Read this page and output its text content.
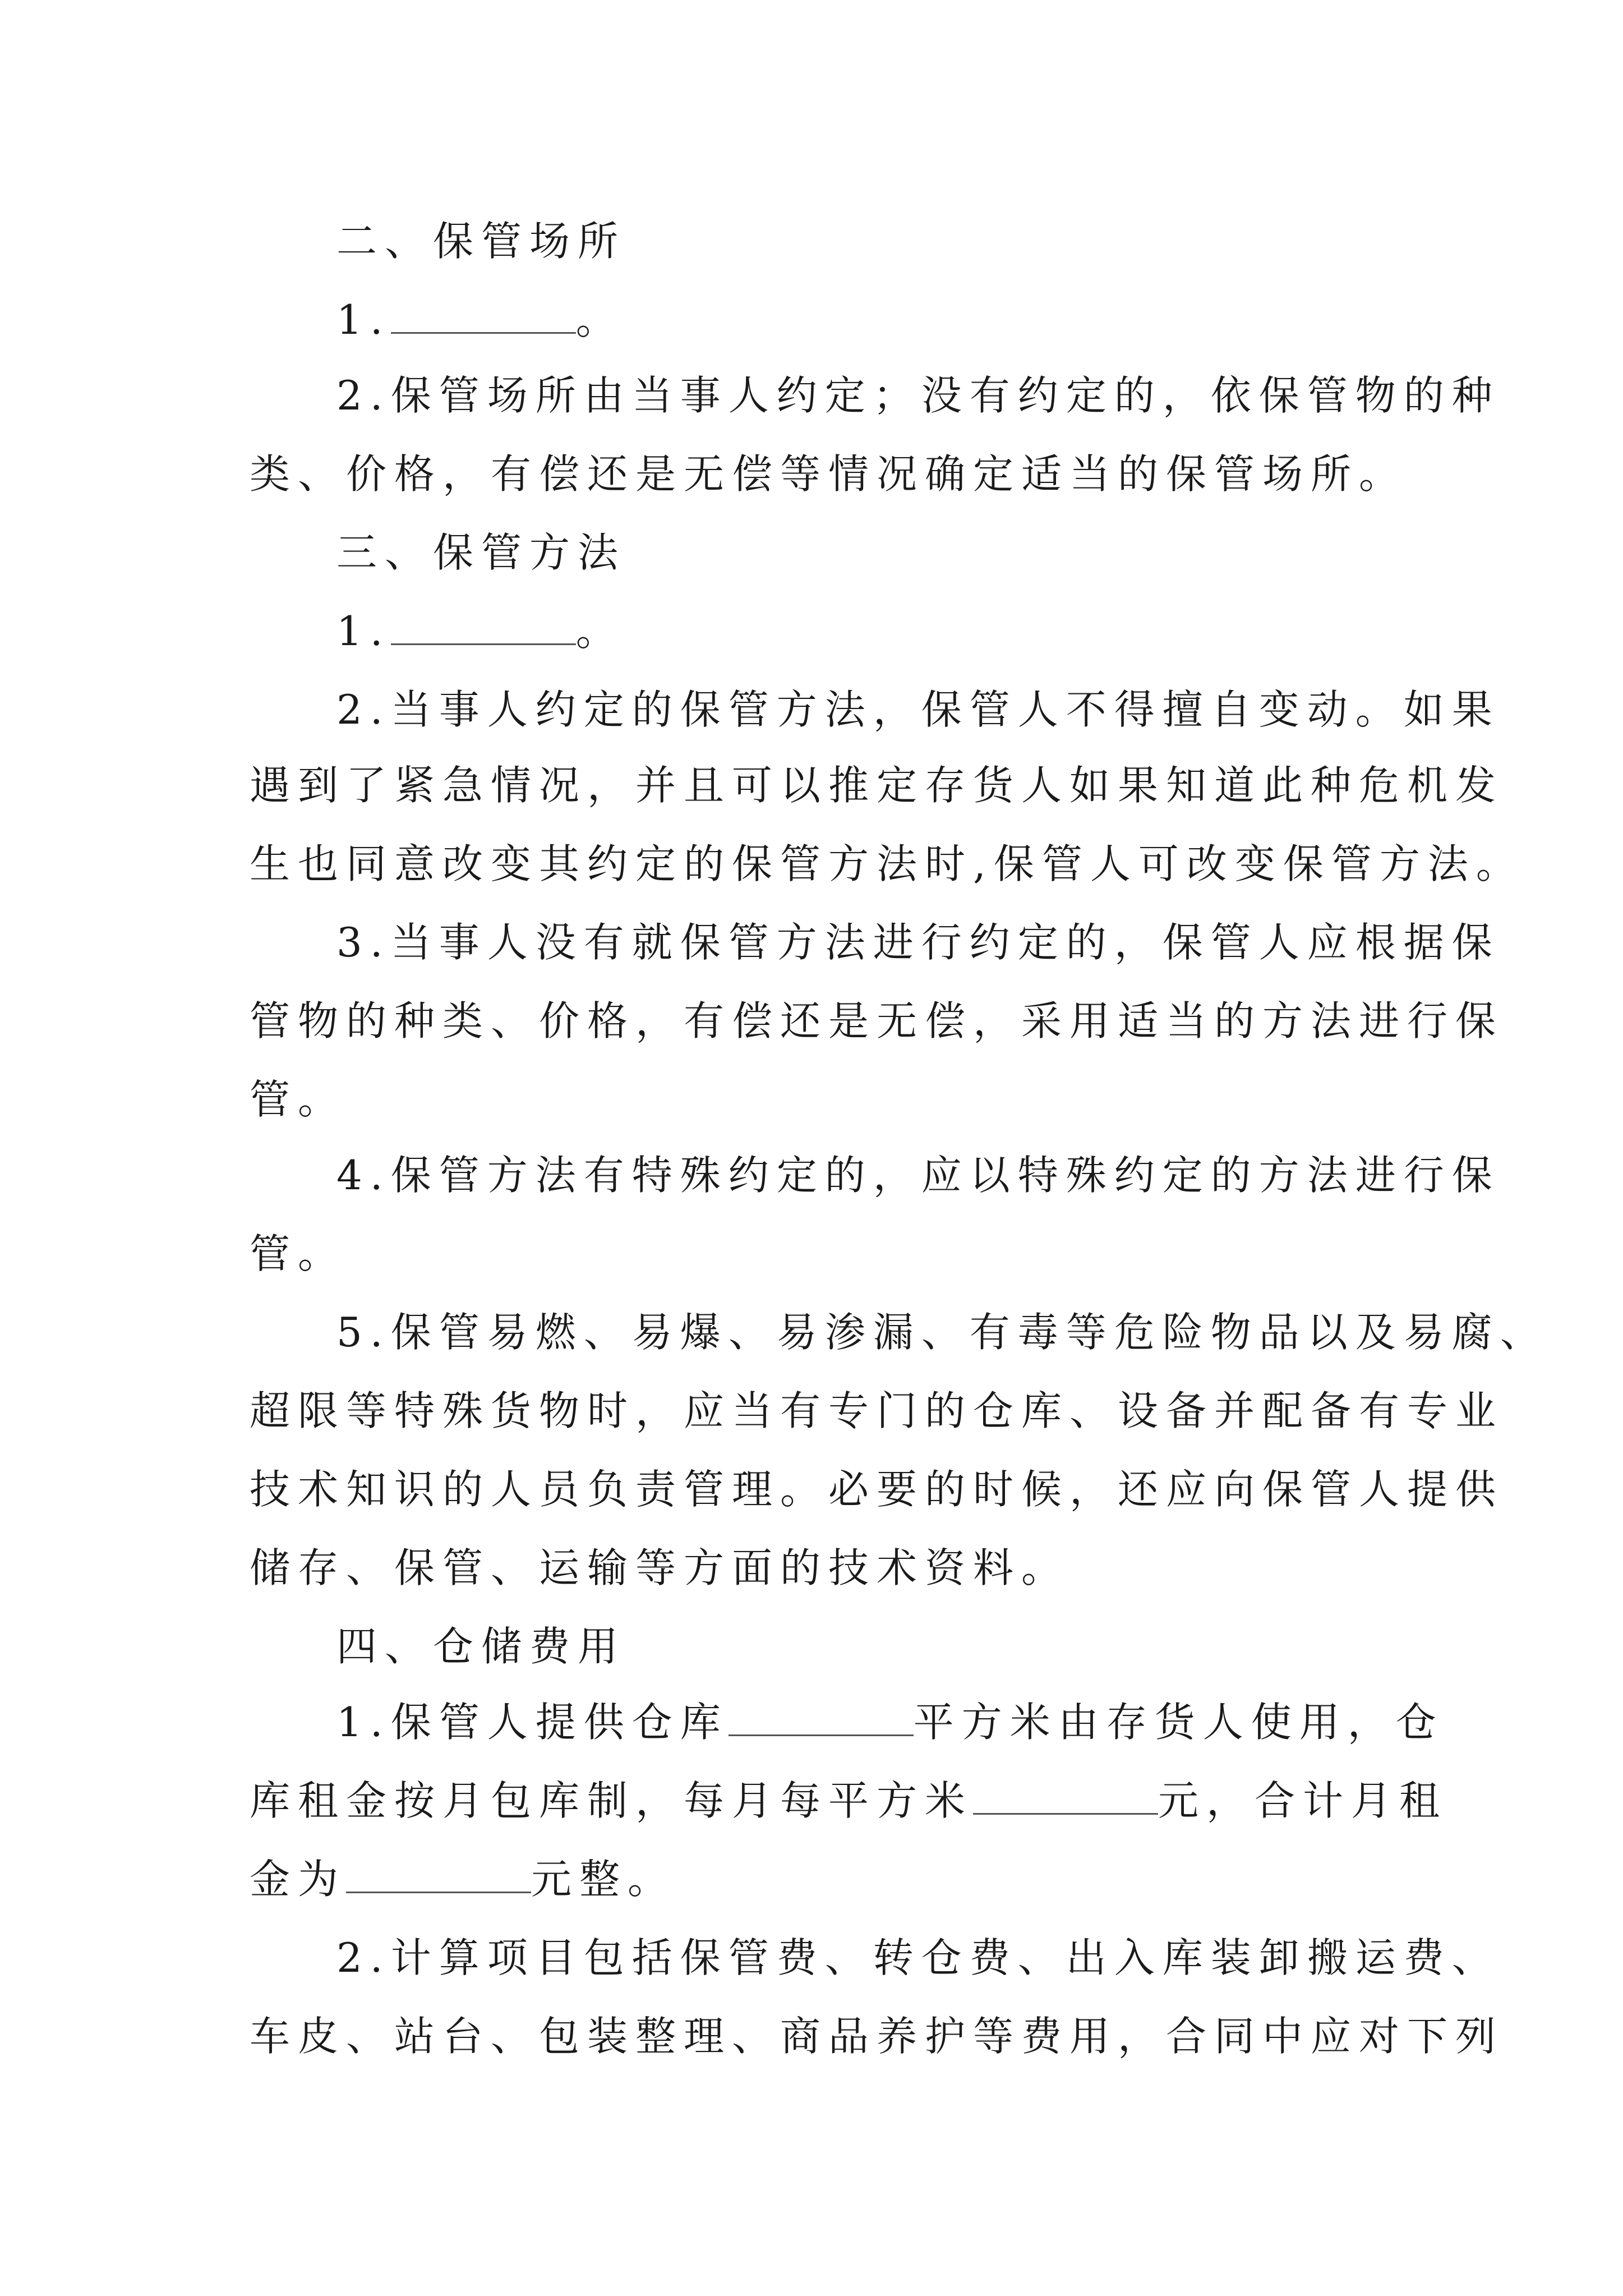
二、保管场所
1.	。
2.保管场所由当事人约定；没有约定的，依保管物的种
类、价格，有偿还是无偿等情况确定适当的保管场所。
三、保管方法
1.	。
2.当事人约定的保管方法，保管人不得擅自变动。如果
遇到了紧急情况，并且可以推定存货人如果知道此种危机发
生也同意改变其约定的保管方法时,保管人可改变保管方法。
3.当事人没有就保管方法进行约定的，保管人应根据保
管物的种类、价格，有偿还是无偿，采用适当的方法进行保
管。
4.保管方法有特殊约定的，应以特殊约定的方法进行保
管。
5.保管易燃、易爆、易渗漏、有毒等危险物品以及易腐、
超限等特殊货物时，应当有专门的仓库、设备并配备有专业
技术知识的人员负责管理。必要的时候，还应向保管人提供
储存、保管、运输等方面的技术资料。
四、仓储费用
1.保管人提供仓库	平方米由存货人使用，仓
库租金按月包库制，每月每平方米	元，合计月租
金为	元整。
2.计算项目包括保管费、转仓费、出入库装卸搬运费、
车皮、站台、包装整理、商品养护等费用，合同中应对下列
